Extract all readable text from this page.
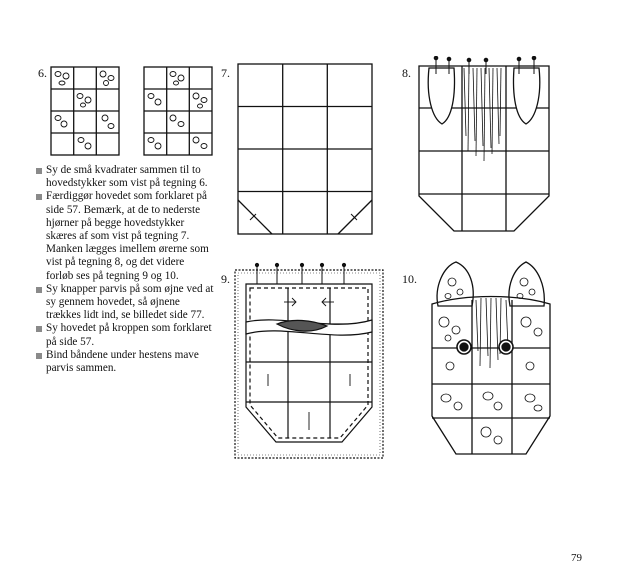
6.	7.	8.
9.	10.
Sy de små kvadrater sammen til to hovedstykker som vist på tegning 6.
Færdiggør hovedet som forklaret på side 57. Bemærk, at de to nederste hjørner på begge hovedstykker skæres af som vist på tegning 7. Manken lægges imellem ørerne som vist på tegning 8, og det videre forløb ses på tegning 9 og 10.
Sy knapper parvis på som øjne ved at sy gennem hovedet, så øjnene trækkes lidt ind, se billedet side 77.
Sy hovedet på kroppen som forklaret på side 57.
Bind båndene under hestens mave parvis sammen.
79
